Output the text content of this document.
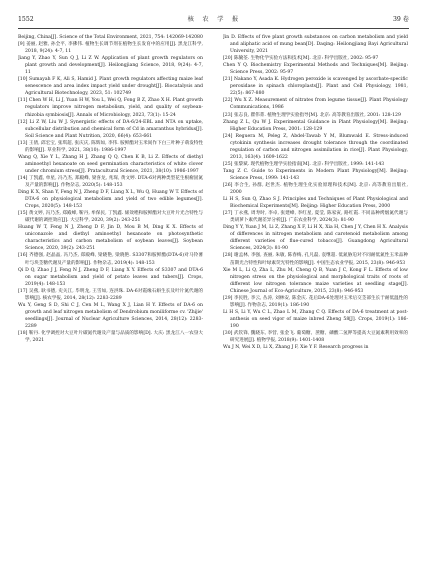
1552	核　农　学　报	39 卷

Beijing, China[J]. Science of the Total Environment, 2021, 754: 142069-142080

[9] 姜丽, 赵雅, 孙全平, 李佛伟. 植物生长调节剂在植物生长发育中的应用[J]. 黑龙江科学, 2018, 9(24): 4-7, 11

Jiang Y, Zhao Y, Sun Q J, Li Z W. Application of plant growth regulators on plant growth and development[J]. Heilongjiang Science, 2018, 9(24): 4-7, 11

[10] Sumayah F K, Ali S, Hamid J. Plant growth regulators affecting maize leaf senescence and area index impact yield under drought[J]. Biocatalysis and Agricultural Biotechnology, 2023, 51: 102749

[11] Chen W H, Li J, Yuan H W, You L, Wei Q, Fong B Z, Zhao X H. Plant growth regulators improve nitrogen metabolism, yield, and quality of soybean-rhizobia symbiosis[J]. Annals of Microbiology, 2023, 73(1): 15-24

[12] Li Z W, Liu W J. Synergistic effects of DA-6/24-EBL and NTA on uptake, subcellular distribution and chemical form of Cd in amaranthus hybridus[J]. Soil Science and Plant Nutrition, 2020, 66(4): 653-661

[13] 王倩, 邱宏宝, 张琪超, 张庆庆, 陈辉如, 李伟. 胺鲜酯对玉米间作下白三叶种子萌发特性的影响[J]. 草业科学, 2021, 38(10): 1986-1997

Wang Q, Xie Y L, Zhang H J, Zhang Q Q, Chen K B, Li Z. Effects of diethyl aminoethyl hexanoate on seed germination characteristics of white clover under chromium stress[J]. Pratacultural Science, 2021, 38(10): 1986-1997

[14] 丁凯鑫, 单星, 冯乃杰, 郑殿峰, 梁喜龙, 兆琛, 黄文婷. DTA-6对两种类型花生根瘤固氮及产量的影响[J]. 作物杂志, 2020(5): 148-153

Ding K X, Shan Y, Feng N J, Zheng D F, Liang X L, Wu Q, Huang W T. Effects of DTA-6 on physiological metabolism and yield of two edible legumes[J]. Crops, 2020(5): 148-153

[15] 黄文婷, 冯乃杰, 郑殿峰, 靳丹, 牟保民, 丁凯鑫. 烯效唑和胺鲜酯对大豆叶片光合特性与碳代谢的调控效应[J]. 大豆科学, 2020, 39(2): 243-251

Huang W T, Feng N J, Zheng D F, Jin D, Mou B M, Ding K X. Effects of uniconazole and diethyl aminoethyl hexanoate on photosynthetic characteristics and carbon metabolism of soybean leaves[J]. Soybean Science, 2020, 39(2): 243-251

[16] 齐德强, 赵晶晶, 冯乃杰, 郑殿峰, 梁晓艳, 梁晓艳. S3307和胺鲜酯(DTA-6)对马铃薯叶与块茎糖代谢及产量的影响[J]. 作物杂志, 2019(4): 148-153

Qi D Q, Zhao J J, Feng N J, Zheng D F, Liang X Y. Effects of S3307 and DTA-6 on sugar metabolism and yield of potato leaves and tubers[J]. Crops, 2019(4): 148-153

[17] 吴燕, 耿书德, 史关江, 毕明龙, 王雪如, 连洪珠. DA-6对霞缘石斛生长及叶片氮代谢的影响[J]. 核农学报, 2014, 28(12): 2283-2289

Wu Y, Geng S D, Shi C J, Cen M L, Wang X J, Lian H Y. Effects of DA-6 on growth and leaf nitrogen metabolism of Dendrobium moniliforme cv. 'Zhijie' seedlings[J]. Journal of Nuclear Agriculture Sciences, 2014, 28(12): 2283-2289

[18] 靳丹. 化学调控对大豆叶片碳氮代谢及产量与品质的影响[D]. 大庆: 黑龙江八一农垦大学, 2021

Jin D. Effects of five plant growth substances on carbon metabolism and yield and aliphatic acid of mung bean[D]. Daqing: Heilongjiang Bayi Agricultural University, 2021

[20] 陈毓荃. 生物化学实验方法和技术[M]. 北京: 科学出版社, 2002: 95-97

Chen Y Q. Biochemistry Experimental Methods and Techniques[M]. Beijing: Science Press, 2002: 95-97

[21] Nakano Y, Asada K. Hydrogen peroxide is scavenged by ascorbate-specific peroxidase in spinach chloroplasts[J]. Plant and Cell Physiology, 1981, 22(5): 867-880

[22] Wu X Z. Measurement of nitrates from legume tissue[J]. Plant Physiology Communications, 1986

[23] 张志良, 瞿伟菁. 植物生理学实验指导[M]. 北京: 高等教育出版社, 2001: 128-129

Zhang Z L, Qu W J. Experimental Guidance in Plant Physiology[M]. Beijing: Higher Education Press, 2001: 128-129

[24] Reguera M, Peleg Z, Abdel-Tawab Y M, Blumwald E. Stress-induced cytokinin synthesis increases drought tolerance through the coordinated regulation of carbon and nitrogen assimilation in rice[J]. Plant Physiology, 2013, 163(4): 1609-1622

[25] 张黎斌. 现代植物生理学实验指南[M]. 北京: 科学出版社, 1999: 141-143

Tang Z C. Guide to Experiments in Modern Plant Physiology[M]. Beijing: Science Press, 1999: 141-143

[26] 李合生, 孙群, 赵世杰. 植物生理生化实验原理和技术[M]. 北京: 高等教育出版社, 2000

Li H S, Sun Q, Zhao S J. Principles and Techniques of Plant Physiological and Biochemical Experiments[M]. Beijing: Higher Education Press, 2000

[27] 丁永燕, 周寿时, 李卓, 张建峰, 李红星, 夏莹, 陈家寅, 路红霞. 不同品种烤烟氮代谢与类胡萝卜素代谢差异分析[J]. 广东农业科学, 2024(3): 81-90

Ding Y Y, Yuan J M, Li Z, Zhang X F, Li H X, Xia H, Chen J Y, Chen H X. Analysis of differences in nitrogen metabolism and carotenoid metabolism among different varieties of flue-cured tobacco[J]. Guangdong Agricultural Sciences, 2024(3): 81-90

[28] 谢孟林, 李强, 查丽, 朱敏, 陈春梅, 孔凡磊, 袁继超. 低氮胁迫对不同耐低氮性玉米品种苗期光合特性和叶绿素荧光特性的影响[J]. 中国生态农业学报, 2015, 23(8): 946-953

Xie M L, Li Q, Zha L, Zhu M, Cheng Q B, Yuan J C, Kong F L. Effects of low nitrogen stress on the physiological and morphological traits of roots of different low nitrogen tolerance maize varieties at seedling stage[J]. Chinese Journal of Eco-Agriculture, 2015, 23(8): 946-953

[29] 李民胜, 李云, 丛涛, 刘林安, 陈金庆. 花后DA-6处理对玉米后交茎部生长于耐低温性的影响[J]. 作物杂志, 2019(1): 186-190

Li H S, Li Y, Wu C L, Zhao L M, Zhang C Q. Effects of DA-6 treatment at post-anthesis on seed vigor of maize inbred Zheng 58[J]. Crops, 2019(1): 186-190

[30] 武钦锋, 魏晓东, 李营, 张金飞. 葡萄糖、蔗糖、磷酸二氢钾等提高大豆氮素利用效率的研究进展[J]. 植物学报, 2018(9): 1401-1408

Wu J N, Wei X D, Li X, Zhang J F, Xie Y F. Research progress in
